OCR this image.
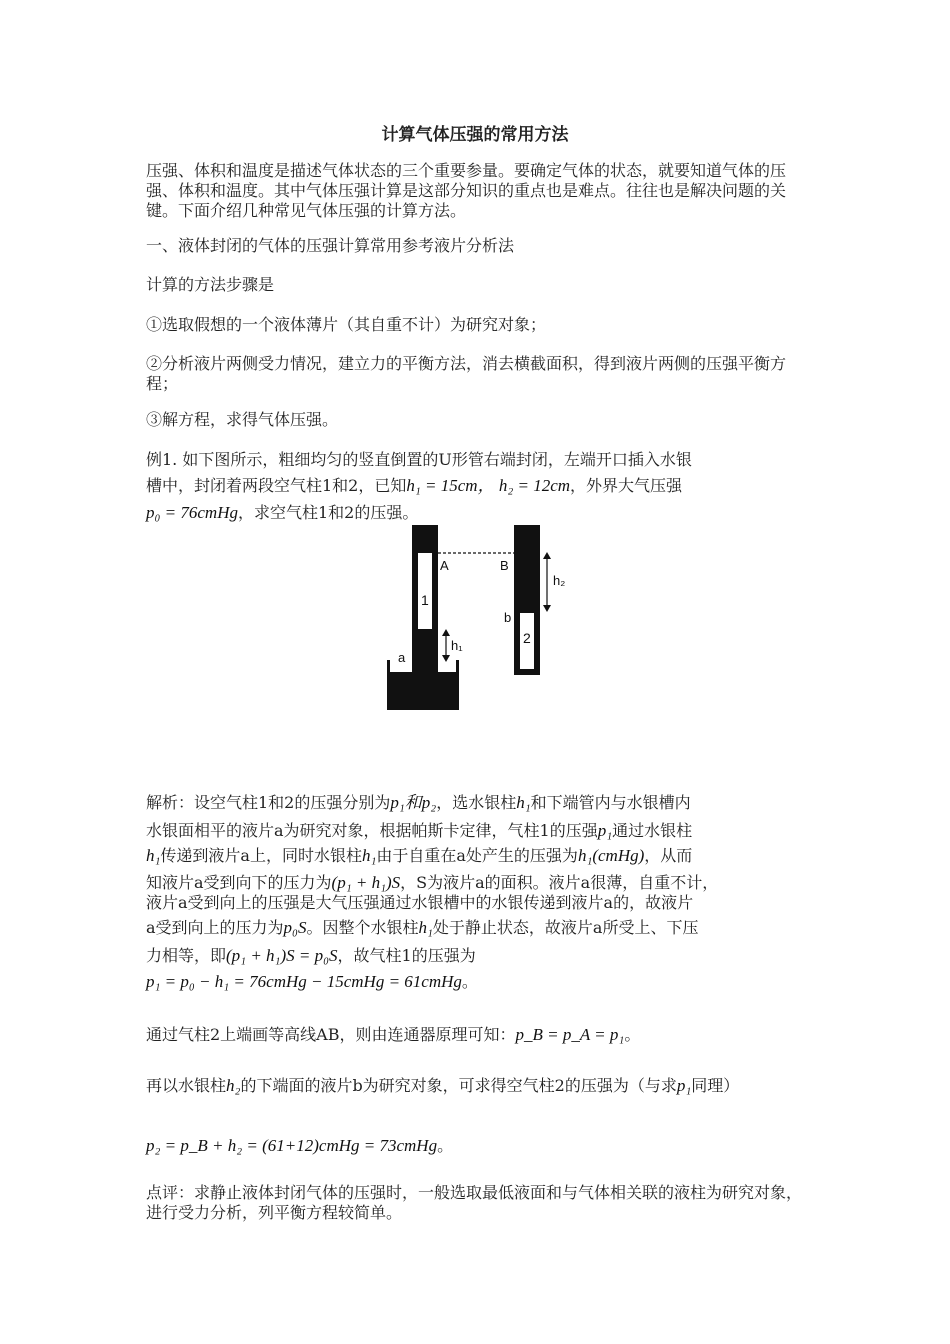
计算气体压强的常用方法

压强、体积和温度是描述气体状态的三个重要参量。要确定气体的状态，就要知道气体的压强、体积和温度。其中气体压强计算是这部分知识的重点也是难点。往往也是解决问题的关键。下面介绍几种常见气体压强的计算方法。

一、液体封闭的气体的压强计算常用参考液片分析法

计算的方法步骤是

①选取假想的一个液体薄片（其自重不计）为研究对象；

②分析液片两侧受力情况，建立力的平衡方法，消去横截面积，得到液片两侧的压强平衡方程；

③解方程，求得气体压强。

例1. 如下图所示，粗细均匀的竖直倒置的U形管右端封闭，左端开口插入水银

槽中，封闭着两段空气柱1和2，已知h₁ = 15cm， h₂ = 12cm，外界大气压强

p₀ = 76cmHg，求空气柱1和2的压强。

A	B
1
2
a
b
h₁
h₂

解析：设空气柱1和2的压强分别为p₁和p₂，选水银柱h₁和下端管内与水银槽内

水银面相平的液片a为研究对象，根据帕斯卡定律，气柱1的压强p₁通过水银柱

h₁传递到液片a上，同时水银柱h₁由于自重在a处产生的压强为h₁(cmHg)，从而

知液片a受到向下的压力为(p₁ + h₁)S，S为液片a的面积。液片a很薄，自重不计，

液片a受到向上的压强是大气压强通过水银槽中的水银传递到液片a的，故液片

a受到向上的压力为p₀S。因整个水银柱h₁处于静止状态，故液片a所受上、下压

力相等，即(p₁ + h₁)S = p₀S，故气柱1的压强为

p₁ = p₀ − h₁ = 76cmHg − 15cmHg = 61cmHg。

通过气柱2上端画等高线AB，则由连通器原理可知：p_B = p_A = p₁。

再以水银柱h₂的下端面的液片b为研究对象，可求得空气柱2的压强为（与求p₁同理）

p₂ = p_B + h₂ = (61+12)cmHg = 73cmHg。

点评：求静止液体封闭气体的压强时，一般选取最低液面和与气体相关联的液柱为研究对象，进行受力分析，列平衡方程较简单。
